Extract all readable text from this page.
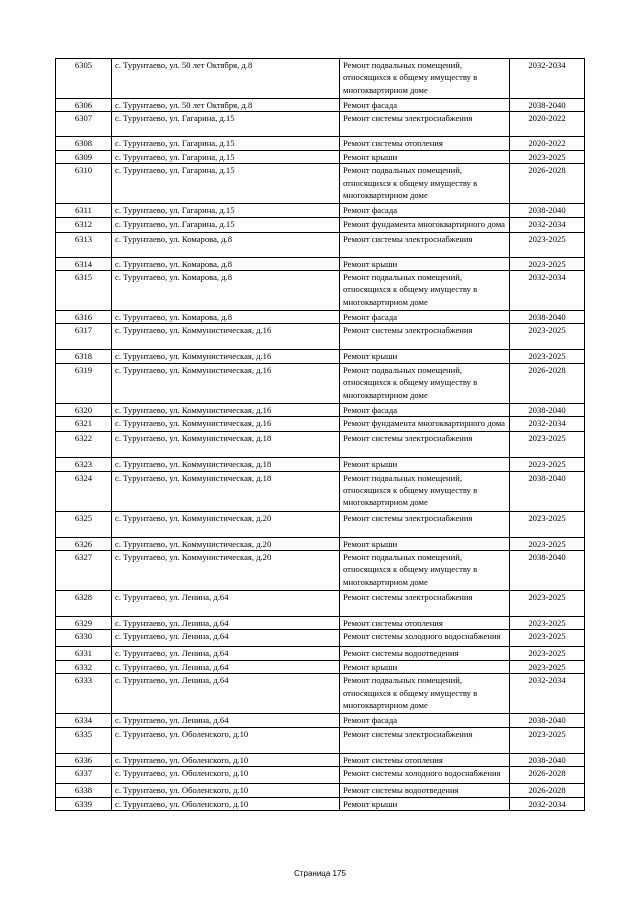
6305	с. Турунтаево, ул. 50 лет Октября, д.8	Ремонт подвальных помещений, относящихся к общему имуществу в многоквартирном доме	2032-2034
6306	с. Турунтаево, ул. 50 лет Октября, д.8	Ремонт фасада	2038-2040
6307	с. Турунтаево, ул. Гагарина, д.15	Ремонт системы электроснабжения	2020-2022
6308	с. Турунтаево, ул. Гагарина, д.15	Ремонт системы отопления	2020-2022
6309	с. Турунтаево, ул. Гагарина, д.15	Ремонт крыши	2023-2025
6310	с. Турунтаево, ул. Гагарина, д.15	Ремонт подвальных помещений, относящихся к общему имуществу в многоквартирном доме	2026-2028
6311	с. Турунтаево, ул. Гагарина, д.15	Ремонт фасада	2038-2040
6312	с. Турунтаево, ул. Гагарина, д.15	Ремонт фундамента многоквартирного дома	2032-2034
6313	с. Турунтаево, ул. Комарова, д.8	Ремонт системы электроснабжения	2023-2025
6314	с. Турунтаево, ул. Комарова, д.8	Ремонт крыши	2023-2025
6315	с. Турунтаево, ул. Комарова, д.8	Ремонт подвальных помещений, относящихся к общему имуществу в многоквартирном доме	2032-2034
6316	с. Турунтаево, ул. Комарова, д.8	Ремонт фасада	2038-2040
6317	с. Турунтаево, ул. Коммунистическая, д.16	Ремонт системы электроснабжения	2023-2025
6318	с. Турунтаево, ул. Коммунистическая, д.16	Ремонт крыши	2023-2025
6319	с. Турунтаево, ул. Коммунистическая, д.16	Ремонт подвальных помещений, относящихся к общему имуществу в многоквартирном доме	2026-2028
6320	с. Турунтаево, ул. Коммунистическая, д.16	Ремонт фасада	2038-2040
6321	с. Турунтаево, ул. Коммунистическая, д.16	Ремонт фундамента многоквартирного дома	2032-2034
6322	с. Турунтаево, ул. Коммунистическая, д.18	Ремонт системы электроснабжения	2023-2025
6323	с. Турунтаево, ул. Коммунистическая, д.18	Ремонт крыши	2023-2025
6324	с. Турунтаево, ул. Коммунистическая, д.18	Ремонт подвальных помещений, относящихся к общему имуществу в многоквартирном доме	2038-2040
6325	с. Турунтаево, ул. Коммунистическая, д.20	Ремонт системы электроснабжения	2023-2025
6326	с. Турунтаево, ул. Коммунистическая, д.20	Ремонт крыши	2023-2025
6327	с. Турунтаево, ул. Коммунистическая, д.20	Ремонт подвальных помещений, относящихся к общему имуществу в многоквартирном доме	2038-2040
6328	с. Турунтаево, ул. Ленина, д.64	Ремонт системы электроснабжения	2023-2025
6329	с. Турунтаево, ул. Ленина, д.64	Ремонт системы отопления	2023-2025
6330	с. Турунтаево, ул. Ленина, д.64	Ремонт системы холодного водоснабжения	2023-2025
6331	с. Турунтаево, ул. Ленина, д.64	Ремонт системы водоотведения	2023-2025
6332	с. Турунтаево, ул. Ленина, д.64	Ремонт крыши	2023-2025
6333	с. Турунтаево, ул. Ленина, д.64	Ремонт подвальных помещений, относящихся к общему имуществу в многоквартирном доме	2032-2034
6334	с. Турунтаево, ул. Ленина, д.64	Ремонт фасада	2038-2040
6335	с. Турунтаево, ул. Оболенского, д.10	Ремонт системы электроснабжения	2023-2025
6336	с. Турунтаево, ул. Оболенского, д.10	Ремонт системы отопления	2038-2040
6337	с. Турунтаево, ул. Оболенского, д.10	Ремонт системы холодного водоснабжения	2026-2028
6338	с. Турунтаево, ул. Оболенского, д.10	Ремонт системы водоотведения	2026-2028
6339	с. Турунтаево, ул. Оболенского, д.10	Ремонт крыши	2032-2034
Страница 175
